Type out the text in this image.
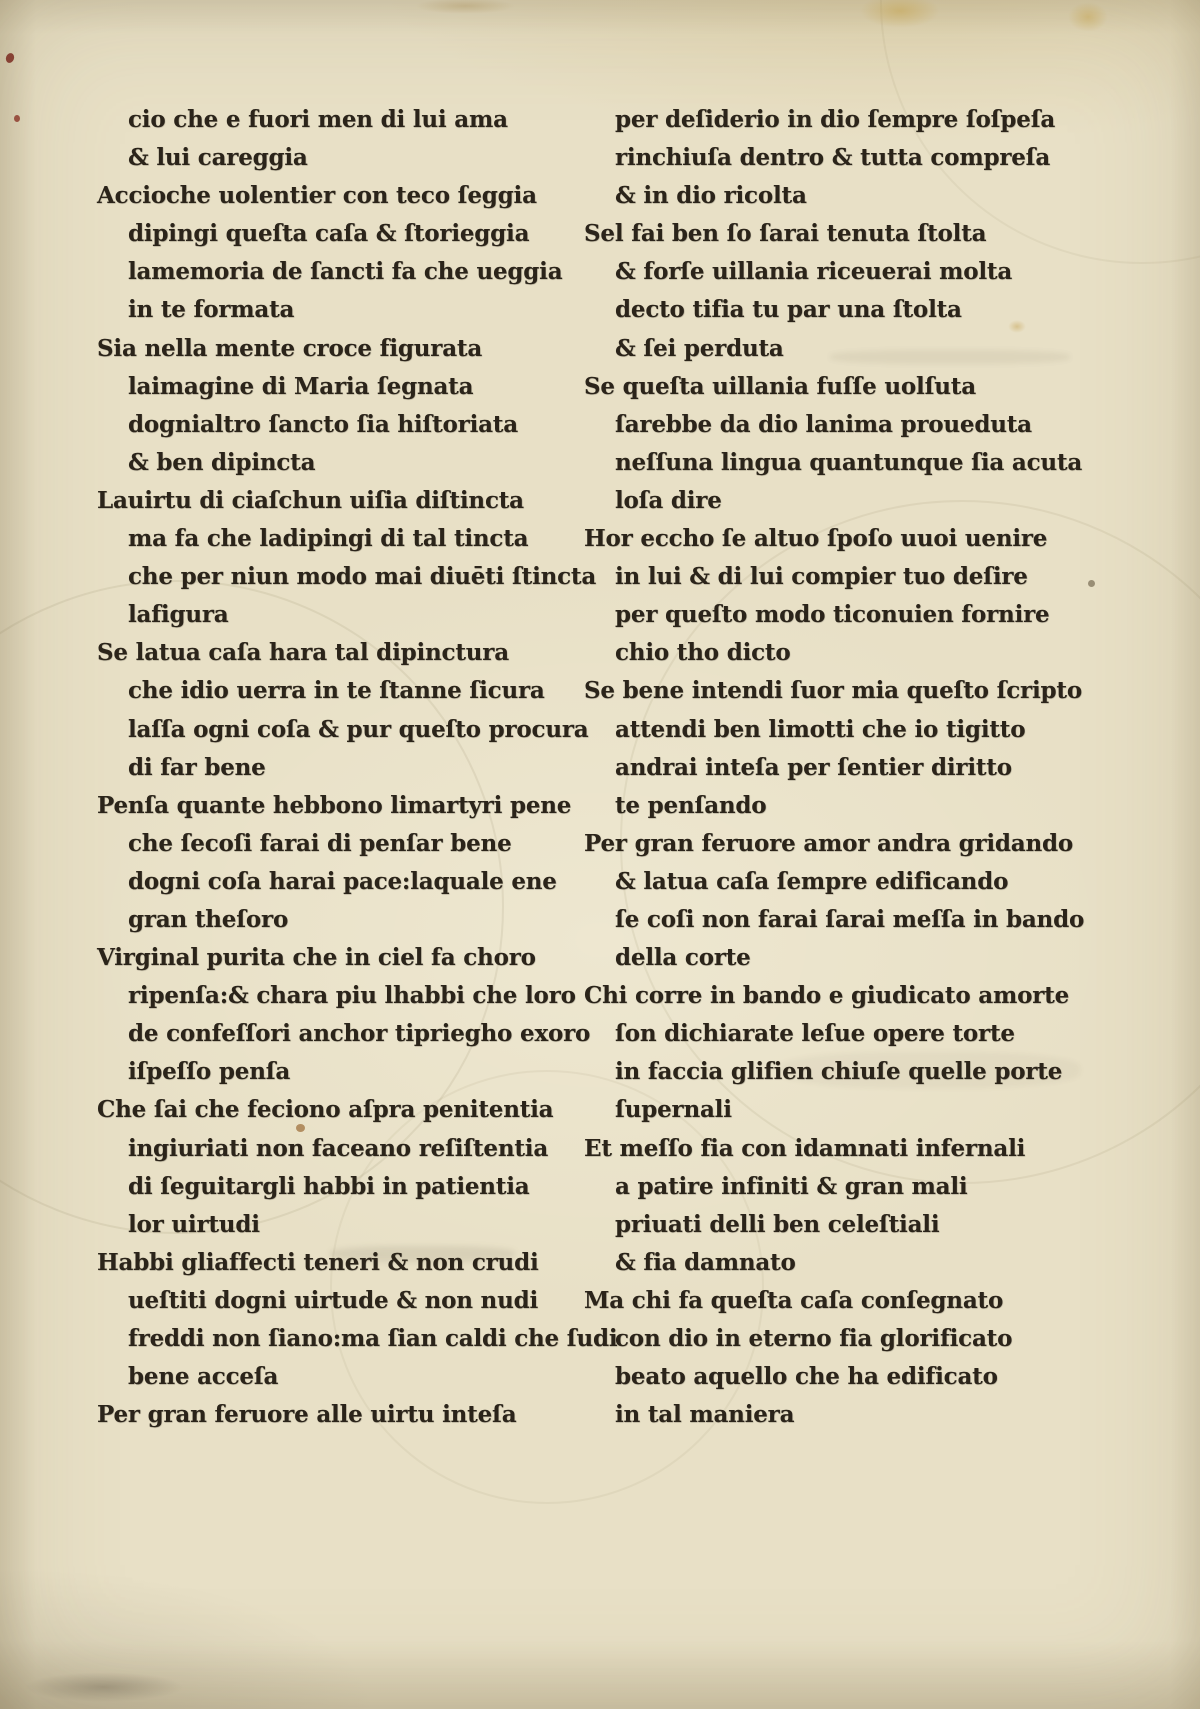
cio che e fuori men di lui ama
& lui careggia
Accioche uolentier con teco ſeggia
dipingi queſta caſa & ſtorieggia
lamemoria de ſancti fa che ueggia
in te formata
Sia nella mente croce figurata
laimagine di Maria ſegnata
dognialtro ſancto ſia hiſtoriata
& ben dipincta
Lauirtu di ciaſchun uiſia diſtincta
ma fa che ladipingi di tal tincta
che per niun modo mai diuēti ſtincta
lafigura
Se latua caſa hara tal dipinctura
che idio uerra in te ſtanne ſicura
laſſa ogni coſa & pur queſto procura
di far bene
Penſa quante hebbono limartyri pene
che ſecoſi farai di penſar bene
dogni coſa harai pace:laquale ene
gran theſoro
Virginal purita che in ciel fa choro
ripenſa:& chara piu lhabbi che loro
de confeſſori anchor tipriegho exoro
iſpeſſo penſa
Che ſai che feciono aſpra penitentia
ingiuriati non faceano reſiſtentia
di ſeguitargli habbi in patientia
lor uirtudi
Habbi gliaffecti teneri & non crudi
ueſtiti dogni uirtude & non nudi
freddi non ſiano:ma ſian caldi che ſudi
bene acceſa
Per gran feruore alle uirtu inteſa
per deſiderio in dio ſempre ſoſpeſa
rinchiuſa dentro & tutta compreſa
& in dio ricolta
Sel fai ben ſo ſarai tenuta ſtolta
& forſe uillania riceuerai molta
decto tifia tu par una ſtolta
& ſei perduta
Se queſta uillania fuſſe uolſuta
ſarebbe da dio lanima proueduta
neſſuna lingua quantunque ſia acuta
loſa dire
Hor eccho ſe altuo ſpoſo uuoi uenire
in lui & di lui compier tuo deſire
per queſto modo ticonuien fornire
chio tho dicto
Se bene intendi ſuor mia queſto ſcripto
attendi ben limotti che io tigitto
andrai inteſa per ſentier diritto
te penſando
Per gran feruore amor andra gridando
& latua caſa ſempre edificando
ſe coſi non farai ſarai meſſa in bando
della corte
Chi corre in bando e giudicato amorte
ſon dichiarate leſue opere torte
in faccia glifien chiuſe quelle porte
ſupernali
Et meſſo fia con idamnati infernali
a patire infiniti & gran mali
priuati delli ben celeſtiali
& fia damnato
Ma chi fa queſta caſa conſegnato
con dio in eterno fia glorificato
beato aquello che ha edificato
in tal maniera
